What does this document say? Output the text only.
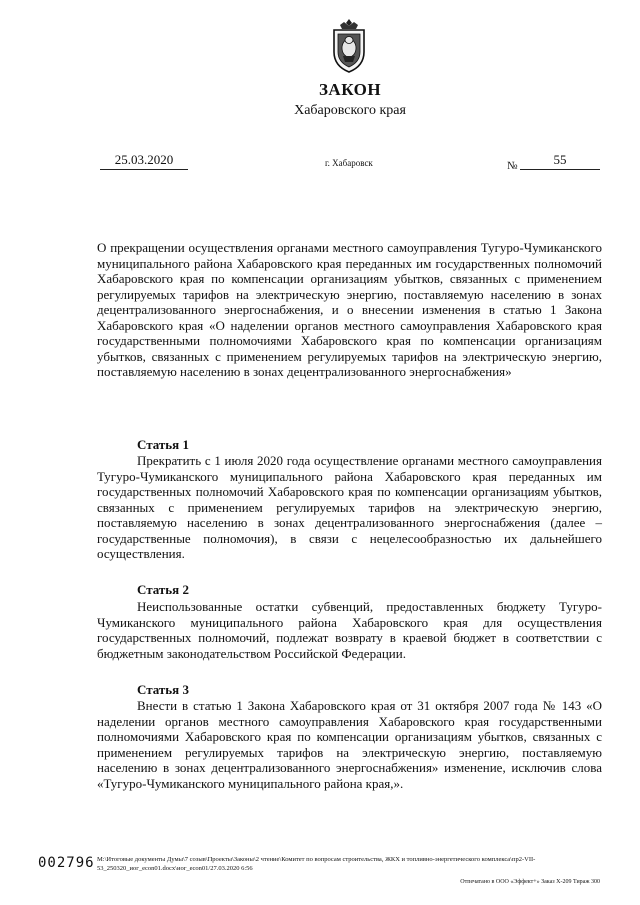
ЗАКОН
Хабаровского края
25.03.2020	г. Хабаровск	№	55

О прекращении осуществления органами местного самоуправления Тугуро-Чумиканского муниципального района Хабаровского края переданных им государственных полномочий Хабаровского края по компенсации организациям убытков, связанных с применением регулируемых тарифов на электрическую энергию, поставляемую населению в зонах децентрализованного энергоснабжения, и о внесении изменения в статью 1 Закона Хабаровского края «О наделении органов местного самоуправления Хабаровского края государственными полномочиями Хабаровского края по компенсации организациям убытков, связанных с применением регулируемых тарифов на электрическую энергию, поставляемую населению в зонах децентрализованного энергоснабжения»

Статья 1

Прекратить с 1 июля 2020 года осуществление органами местного самоуправления Тугуро-Чумиканского муниципального района Хабаровского края переданных им государственных полномочий Хабаровского края по компенсации организациям убытков, связанных с применением регулируемых тарифов на электрическую энергию, поставляемую населению в зонах децентрализованного энергоснабжения (далее – государственные полномочия), в связи с нецелесообразностью их дальнейшего осуществления.

Статья 2

Неиспользованные остатки субвенций, предоставленных бюджету Тугуро-Чумиканского муниципального района Хабаровского края для осуществления государственных полномочий, подлежат возврату в краевой бюджет в соответствии с бюджетным законодательством Российской Федерации.

Статья 3

Внести в статью 1 Закона Хабаровского края от 31 октября 2007 года № 143 «О наделении органов местного самоуправления Хабаровского края государственными полномочиями Хабаровского края по компенсации организациям убытков, связанных с применением регулируемых тарифов на электрическую энергию, поставляемую населению в зонах децентрализованного энергоснабжения» изменение, исключив слова «Тугуро-Чумиканского муниципального района края,».

002796 M:\Итоговые документы Думы\7 созыв\Проекты\Законы\2 чтение\Комитет по вопросам строительства, ЖКХ и топливно-энергетического комплекса\пр2-VII-53_250320_иог_econ01.docx\иог_econ01/27.03.2020 6:56

Отпечатано в ООО «Эффект+» Заказ Х-209 Тираж 300
